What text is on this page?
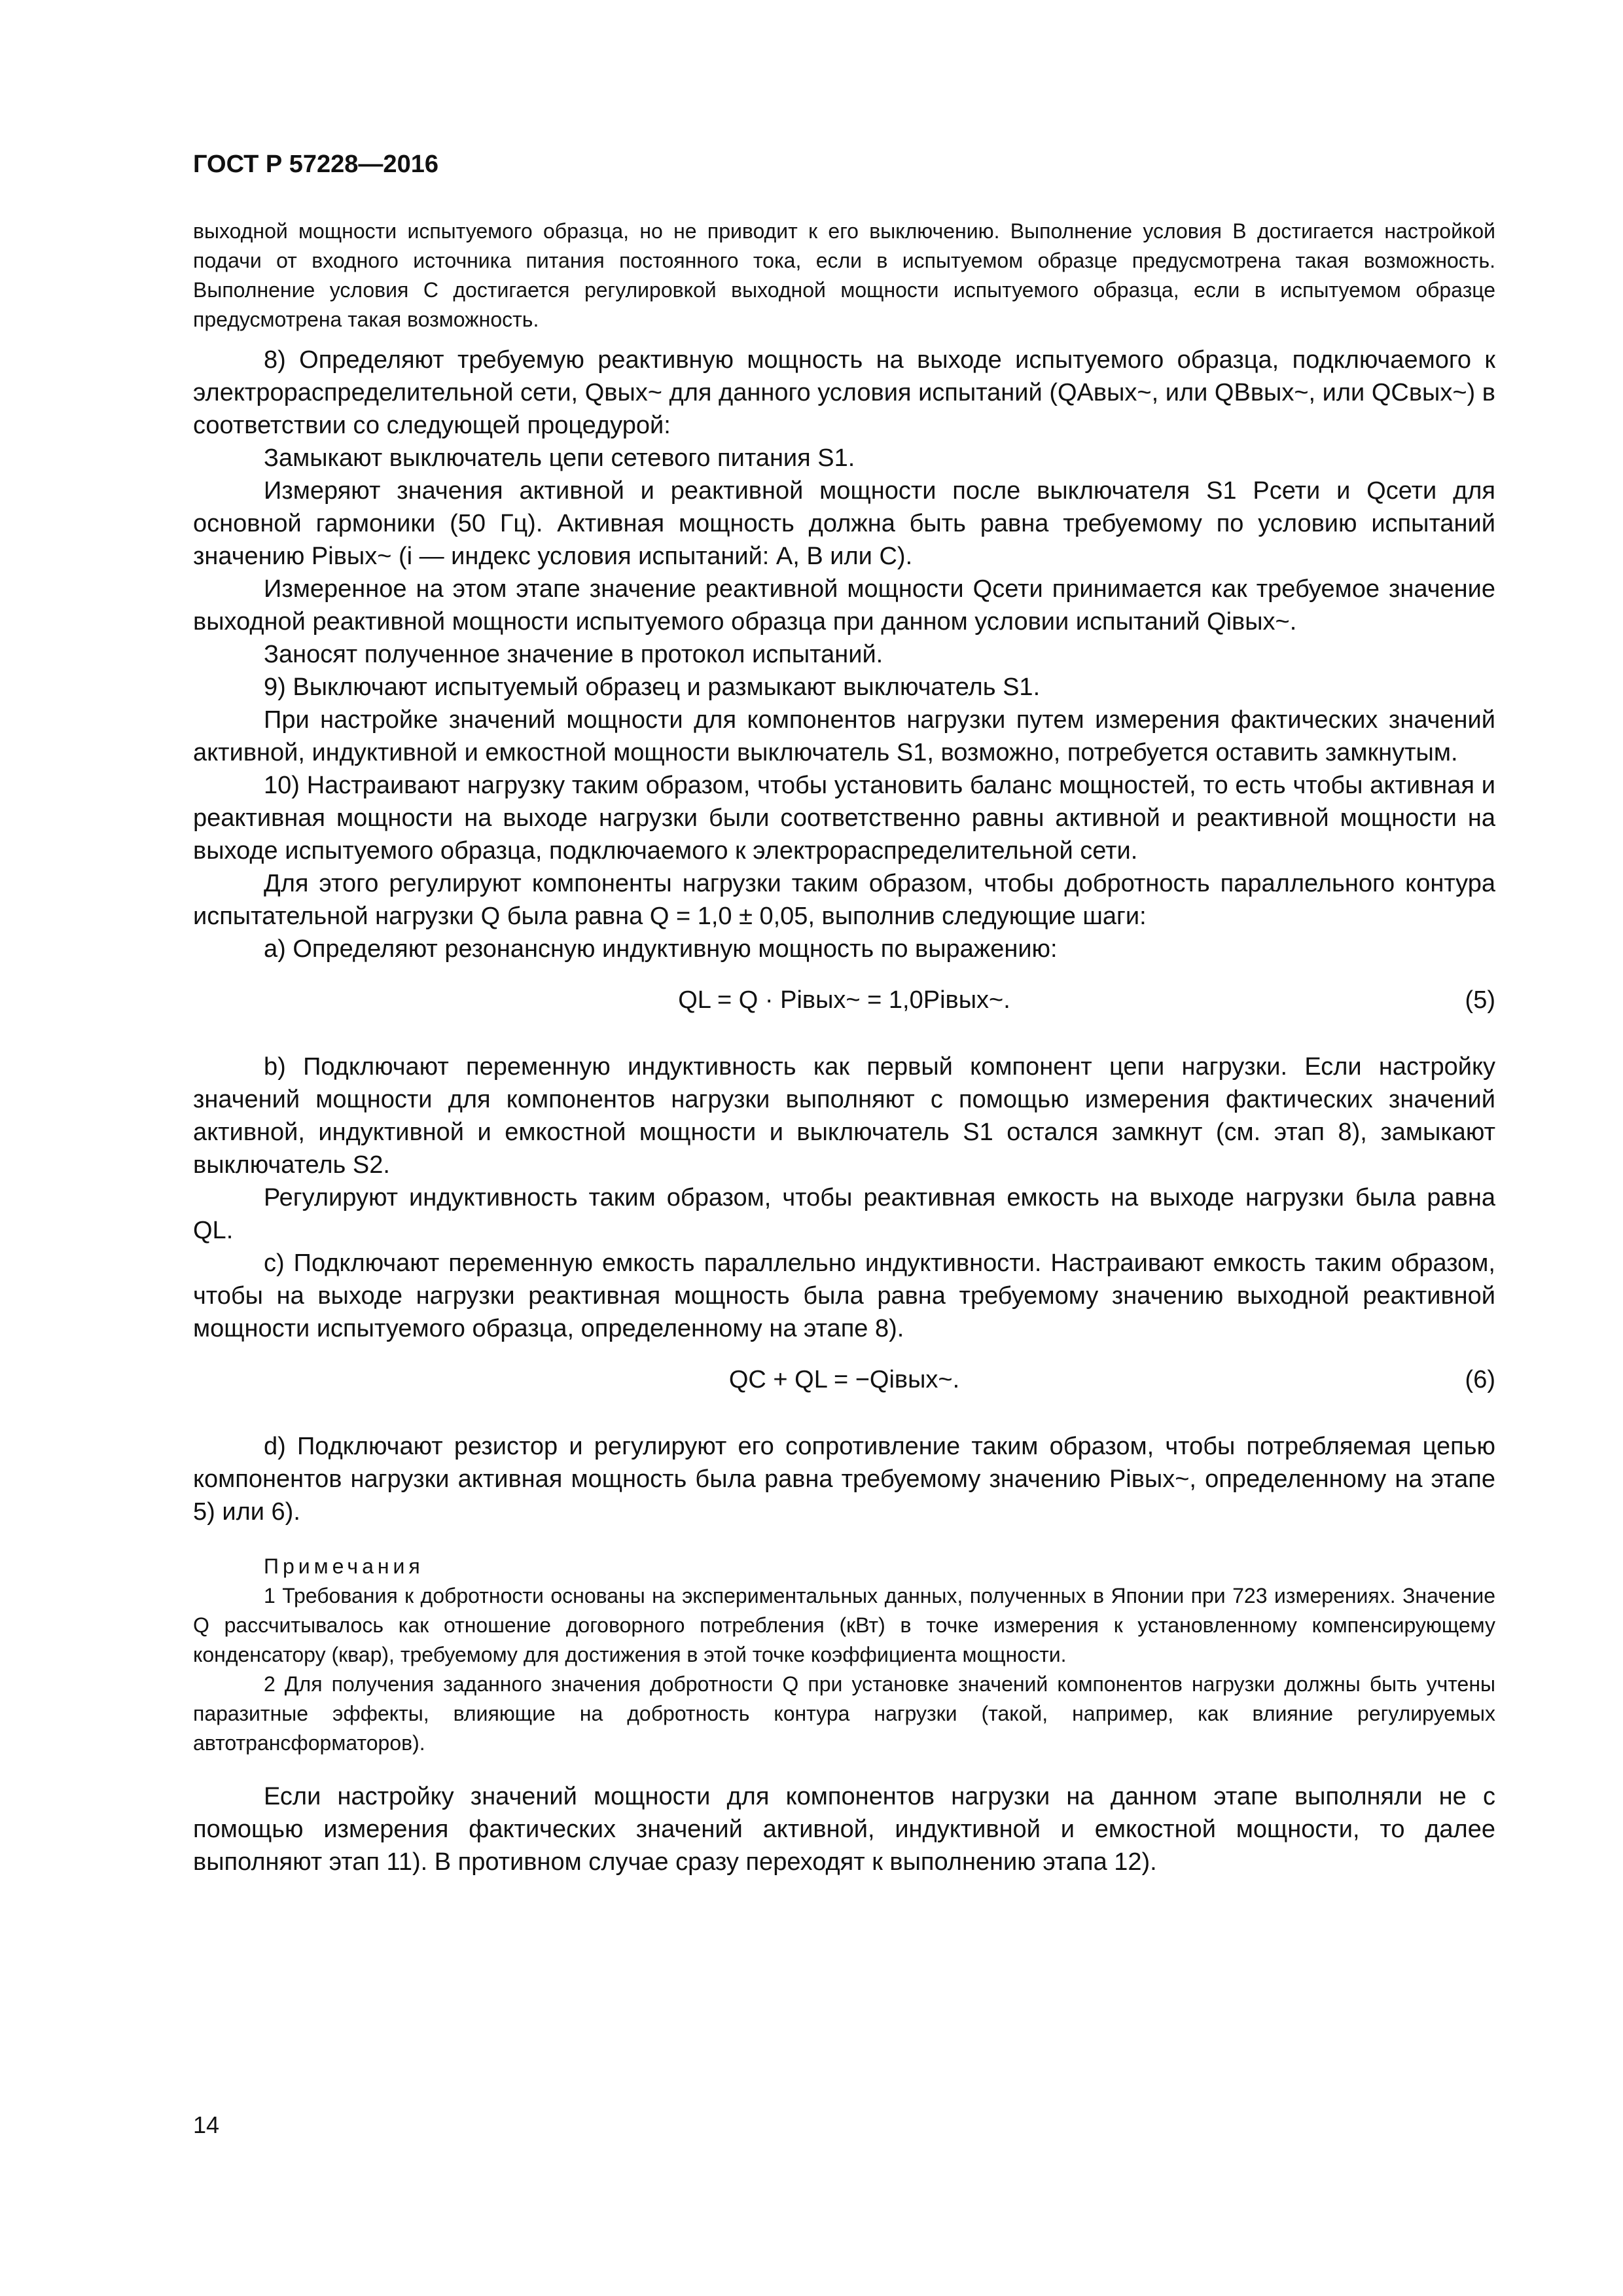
ГОСТ Р 57228—2016

выходной мощности испытуемого образца, но не приводит к его выключению. Выполнение условия B достигается настройкой подачи от входного источника питания постоянного тока, если в испытуемом образце предусмотрена такая возможность. Выполнение условия C достигается регулировкой выходной мощности испытуемого образца, если в испытуемом образце предусмотрена такая возможность.

8) Определяют требуемую реактивную мощность на выходе испытуемого образца, подключаемого к электрораспределительной сети, Qвых~ для данного условия испытаний (QAвых~, или QBвых~, или QCвых~) в соответствии со следующей процедурой:

Замыкают выключатель цепи сетевого питания S1.

Измеряют значения активной и реактивной мощности после выключателя S1 Pсети и Qсети для основной гармоники (50 Гц). Активная мощность должна быть равна требуемому по условию испытаний значению Piвых~ (i — индекс условия испытаний: A, B или C).

Измеренное на этом этапе значение реактивной мощности Qсети принимается как требуемое значение выходной реактивной мощности испытуемого образца при данном условии испытаний Qiвых~.

Заносят полученное значение в протокол испытаний.

9) Выключают испытуемый образец и размыкают выключатель S1.

При настройке значений мощности для компонентов нагрузки путем измерения фактических значений активной, индуктивной и емкостной мощности выключатель S1, возможно, потребуется оставить замкнутым.

10) Настраивают нагрузку таким образом, чтобы установить баланс мощностей, то есть чтобы активная и реактивная мощности на выходе нагрузки были соответственно равны активной и реактивной мощности на выходе испытуемого образца, подключаемого к электрораспределительной сети.

Для этого регулируют компоненты нагрузки таким образом, чтобы добротность параллельного контура испытательной нагрузки Q была равна Q = 1,0 ± 0,05, выполнив следующие шаги:

a) Определяют резонансную индуктивную мощность по выражению:

QL = Q · Piвых~ = 1,0Piвых~.	(5)

b) Подключают переменную индуктивность как первый компонент цепи нагрузки. Если настройку значений мощности для компонентов нагрузки выполняют с помощью измерения фактических значений активной, индуктивной и емкостной мощности и выключатель S1 остался замкнут (см. этап 8), замыкают выключатель S2.

Регулируют индуктивность таким образом, чтобы реактивная емкость на выходе нагрузки была равна QL.

c) Подключают переменную емкость параллельно индуктивности. Настраивают емкость таким образом, чтобы на выходе нагрузки реактивная мощность была равна требуемому значению выходной реактивной мощности испытуемого образца, определенному на этапе 8).

QC + QL = −Qiвых~.	(6)

d) Подключают резистор и регулируют его сопротивление таким образом, чтобы потребляемая цепью компонентов нагрузки активная мощность была равна требуемому значению Piвых~, определенному на этапе 5) или 6).

Примечания

1 Требования к добротности основаны на экспериментальных данных, полученных в Японии при 723 измерениях. Значение Q рассчитывалось как отношение договорного потребления (кВт) в точке измерения к установленному компенсирующему конденсатору (квар), требуемому для достижения в этой точке коэффициента мощности.

2 Для получения заданного значения добротности Q при установке значений компонентов нагрузки должны быть учтены паразитные эффекты, влияющие на добротность контура нагрузки (такой, например, как влияние регулируемых автотрансформаторов).

Если настройку значений мощности для компонентов нагрузки на данном этапе выполняли не с помощью измерения фактических значений активной, индуктивной и емкостной мощности, то далее выполняют этап 11). В противном случае сразу переходят к выполнению этапа 12).

14
